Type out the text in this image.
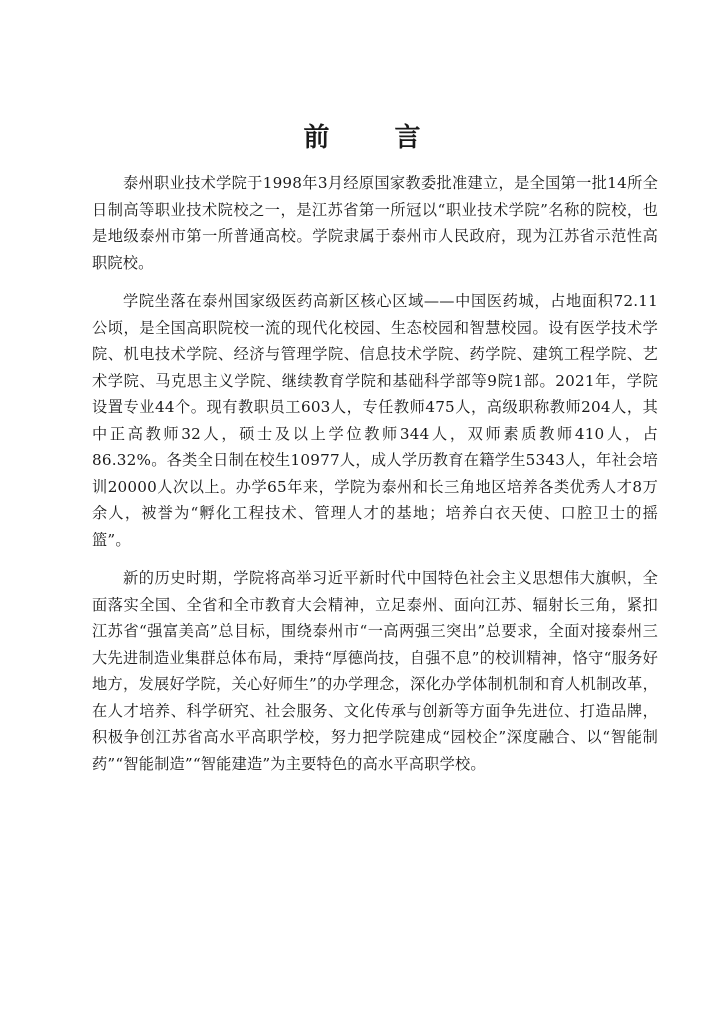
前 言

泰州职业技术学院于1998年3月经原国家教委批准建立，是全国第一批14所全日制高等职业技术院校之一，是江苏省第一所冠以“职业技术学院”名称的院校，也是地级泰州市第一所普通高校。学院隶属于泰州市人民政府，现为江苏省示范性高职院校。

学院坐落在泰州国家级医药高新区核心区域——中国医药城，占地面积72.11公顷，是全国高职院校一流的现代化校园、生态校园和智慧校园。设有医学技术学院、机电技术学院、经济与管理学院、信息技术学院、药学院、建筑工程学院、艺术学院、马克思主义学院、继续教育学院和基础科学部等9院1部。2021年，学院设置专业44个。现有教职员工603人，专任教师475人，高级职称教师204人，其中正高教师32人，硕士及以上学位教师344人，双师素质教师410人，占86.32%。各类全日制在校生10977人，成人学历教育在籍学生5343人，年社会培训20000人次以上。办学65年来，学院为泰州和长三角地区培养各类优秀人才8万余人，被誉为“孵化工程技术、管理人才的基地；培养白衣天使、口腔卫士的摇篮”。

新的历史时期，学院将高举习近平新时代中国特色社会主义思想伟大旗帜，全面落实全国、全省和全市教育大会精神，立足泰州、面向江苏、辐射长三角，紧扣江苏省“强富美高”总目标，围绕泰州市“一高两强三突出”总要求，全面对接泰州三大先进制造业集群总体布局，秉持“厚德尚技，自强不息”的校训精神，恪守“服务好地方，发展好学院，关心好师生”的办学理念，深化办学体制机制和育人机制改革，在人才培养、科学研究、社会服务、文化传承与创新等方面争先进位、打造品牌，积极争创江苏省高水平高职学校，努力把学院建成“园校企”深度融合、以“智能制药”“智能制造”“智能建造”为主要特色的高水平高职学校。
